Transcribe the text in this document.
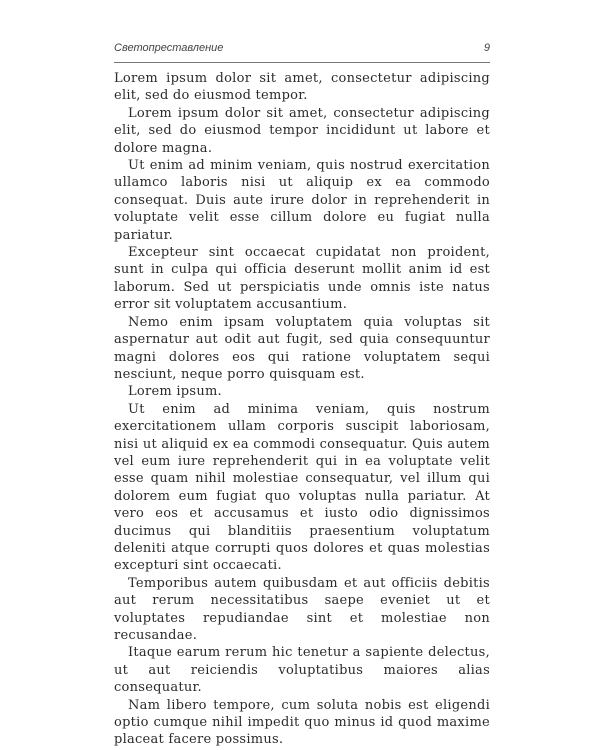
Светопреставление	9

Lorem ipsum dolor sit amet, consectetur adipiscing elit, sed do eiusmod tempor.

Lorem ipsum dolor sit amet, consectetur adipiscing elit, sed do eiusmod tempor incididunt ut labore et dolore magna.

Ut enim ad minim veniam, quis nostrud exercitation ullamco laboris nisi ut aliquip ex ea commodo consequat. Duis aute irure dolor in reprehenderit in voluptate velit esse cillum dolore eu fugiat nulla pariatur.

Excepteur sint occaecat cupidatat non proident, sunt in culpa qui officia deserunt mollit anim id est laborum. Sed ut perspiciatis unde omnis iste natus error sit voluptatem accusantium.

Nemo enim ipsam voluptatem quia voluptas sit aspernatur aut odit aut fugit, sed quia consequuntur magni dolores eos qui ratione voluptatem sequi nesciunt, neque porro quisquam est.

Lorem ipsum.

Ut enim ad minima veniam, quis nostrum exercitationem ullam corporis suscipit laboriosam, nisi ut aliquid ex ea commodi consequatur. Quis autem vel eum iure reprehenderit qui in ea voluptate velit esse quam nihil molestiae consequatur, vel illum qui dolorem eum fugiat quo voluptas nulla pariatur. At vero eos et accusamus et iusto odio dignissimos ducimus qui blanditiis praesentium voluptatum deleniti atque corrupti quos dolores et quas molestias excepturi sint occaecati.

Temporibus autem quibusdam et aut officiis debitis aut rerum necessitatibus saepe eveniet ut et voluptates repudiandae sint et molestiae non recusandae.

Itaque earum rerum hic tenetur a sapiente delectus, ut aut reiciendis voluptatibus maiores alias consequatur.

Nam libero tempore, cum soluta nobis est eligendi optio cumque nihil impedit quo minus id quod maxime placeat facere possimus.
